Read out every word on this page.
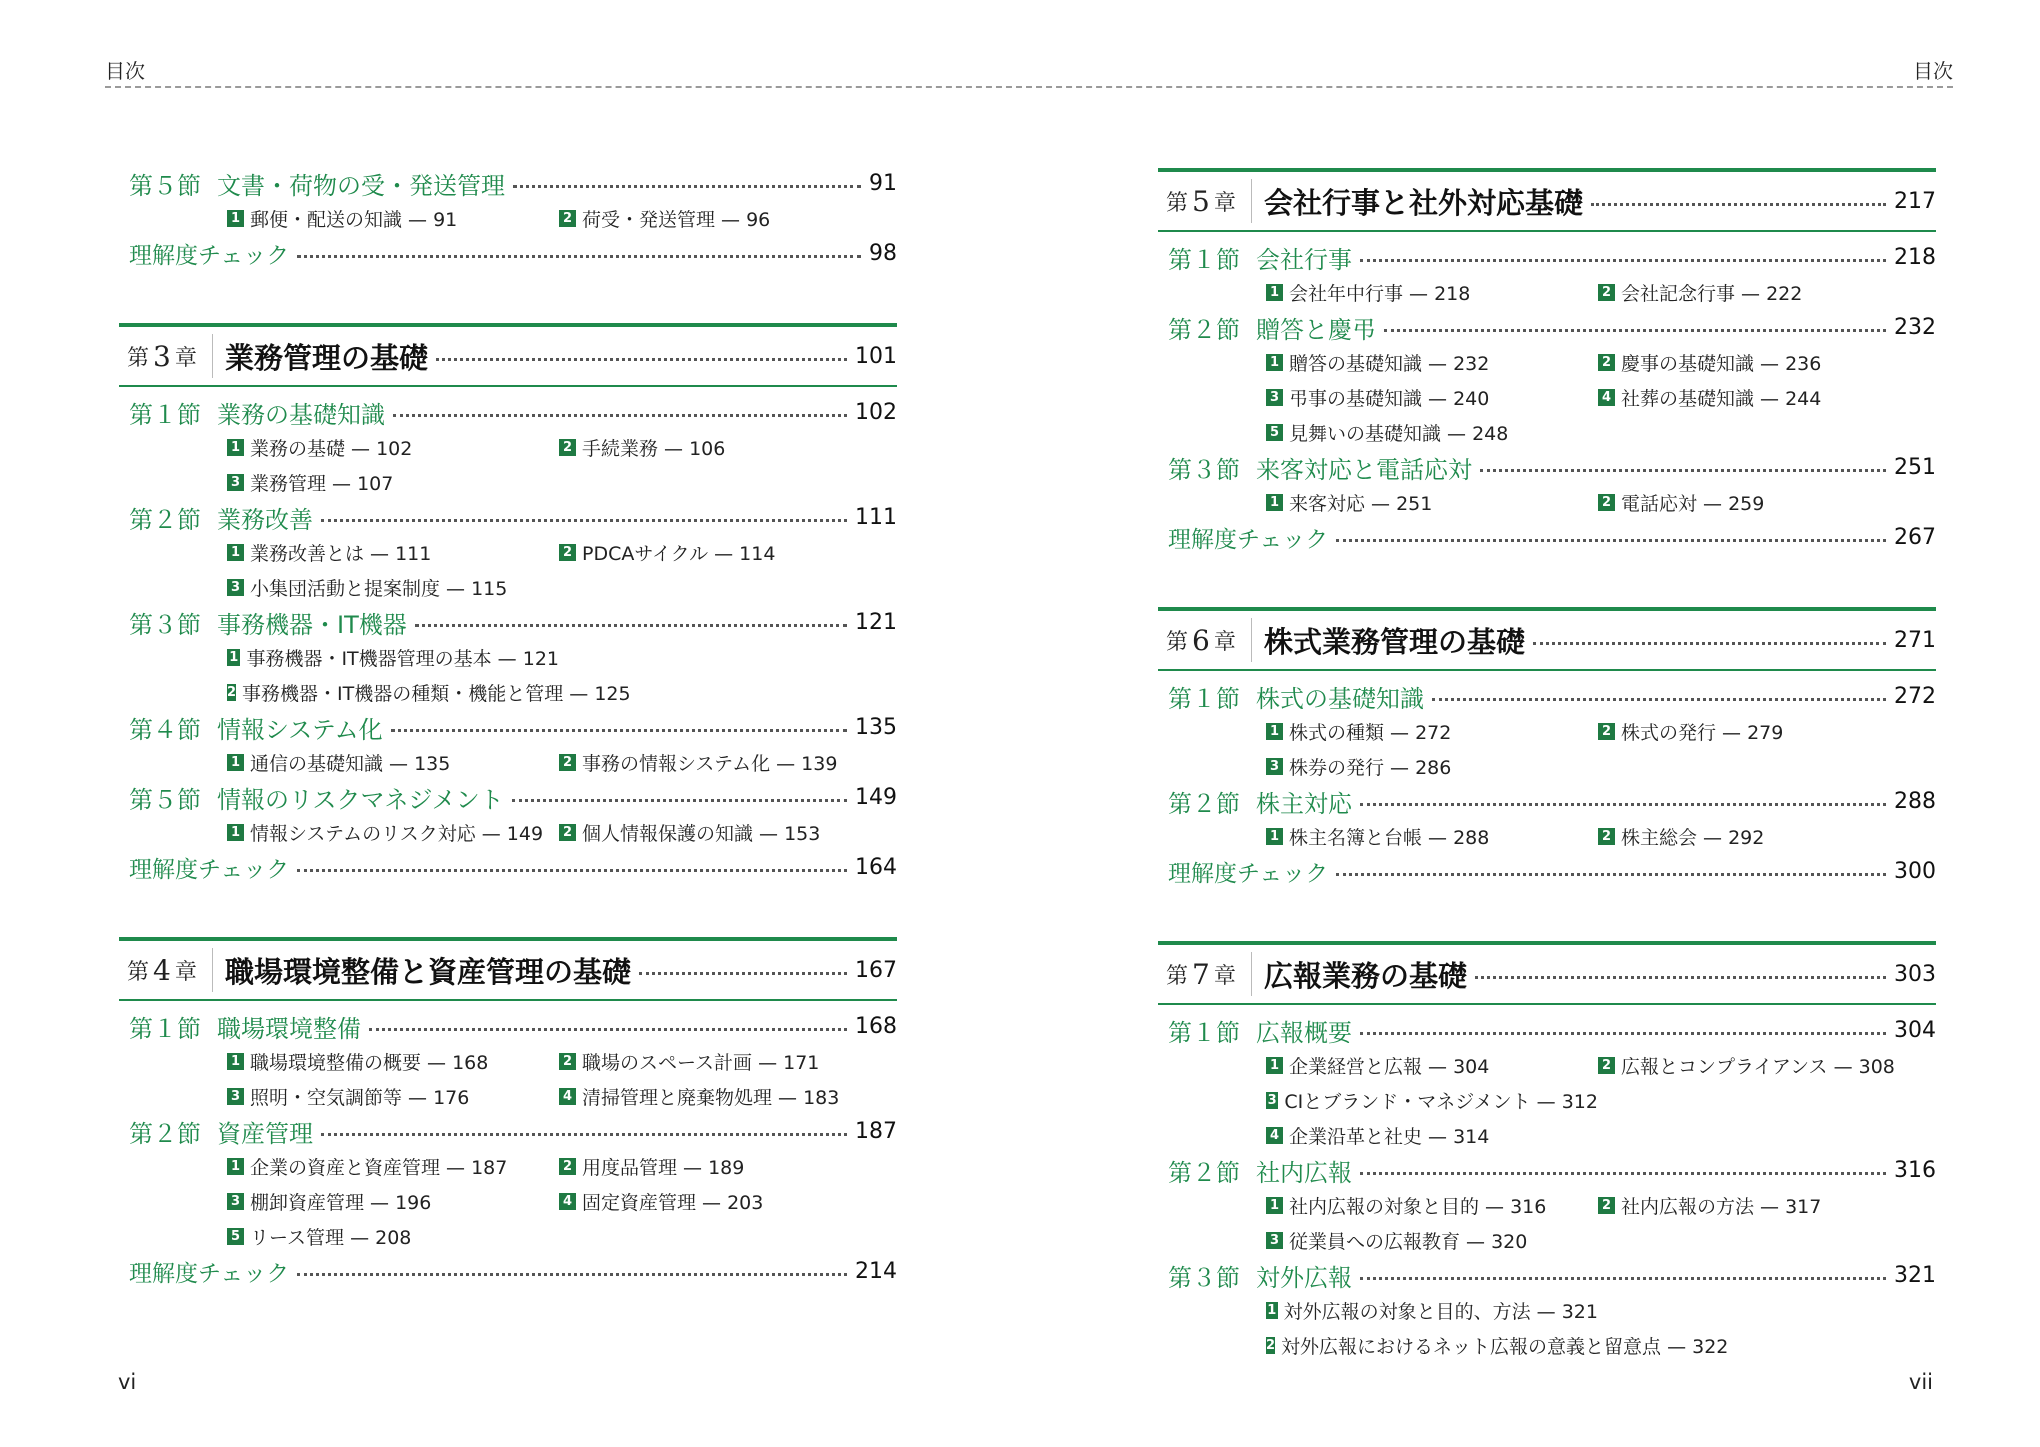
目次	目次
第５節 文書・荷物の受・発送管理	91
1 郵便・配送の知識 — 91	2 荷受・発送管理 — 96
理解度チェック	98
第 3 章 業務管理の基礎	101
第１節 業務の基礎知識	102
1 業務の基礎 — 102	2 手続業務 — 106
3 業務管理 — 107
第２節 業務改善	111
1 業務改善とは — 111	2 PDCAサイクル — 114
3 小集団活動と提案制度 — 115
第３節 事務機器・IT機器	121
1 事務機器・IT機器管理の基本 — 121
2 事務機器・IT機器の種類・機能と管理 — 125
第４節 情報システム化	135
1 通信の基礎知識 — 135	2 事務の情報システム化 — 139
第５節 情報のリスクマネジメント	149
1 情報システムのリスク対応 — 149	2 個人情報保護の知識 — 153
理解度チェック	164
第 4 章 職場環境整備と資産管理の基礎	167
第１節 職場環境整備	168
1 職場環境整備の概要 — 168	2 職場のスペース計画 — 171
3 照明・空気調節等 — 176	4 清掃管理と廃棄物処理 — 183
第２節 資産管理	187
1 企業の資産と資産管理 — 187	2 用度品管理 — 189
3 棚卸資産管理 — 196	4 固定資産管理 — 203
5 リース管理 — 208
理解度チェック	214
第 5 章 会社行事と社外対応基礎	217
第１節 会社行事	218
1 会社年中行事 — 218	2 会社記念行事 — 222
第２節 贈答と慶弔	232
1 贈答の基礎知識 — 232	2 慶事の基礎知識 — 236
3 弔事の基礎知識 — 240	4 社葬の基礎知識 — 244
5 見舞いの基礎知識 — 248
第３節 来客対応と電話応対	251
1 来客対応 — 251	2 電話応対 — 259
理解度チェック	267
第 6 章 株式業務管理の基礎	271
第１節 株式の基礎知識	272
1 株式の種類 — 272	2 株式の発行 — 279
3 株券の発行 — 286
第２節 株主対応	288
1 株主名簿と台帳 — 288	2 株主総会 — 292
理解度チェック	300
第 7 章 広報業務の基礎	303
第１節 広報概要	304
1 企業経営と広報 — 304	2 広報とコンプライアンス — 308
3 CIとブランド・マネジメント — 312
4 企業沿革と社史 — 314
第２節 社内広報	316
1 社内広報の対象と目的 — 316	2 社内広報の方法 — 317
3 従業員への広報教育 — 320
第３節 対外広報	321
1 対外広報の対象と目的、方法 — 321
2 対外広報におけるネット広報の意義と留意点 — 322
vi	vii
